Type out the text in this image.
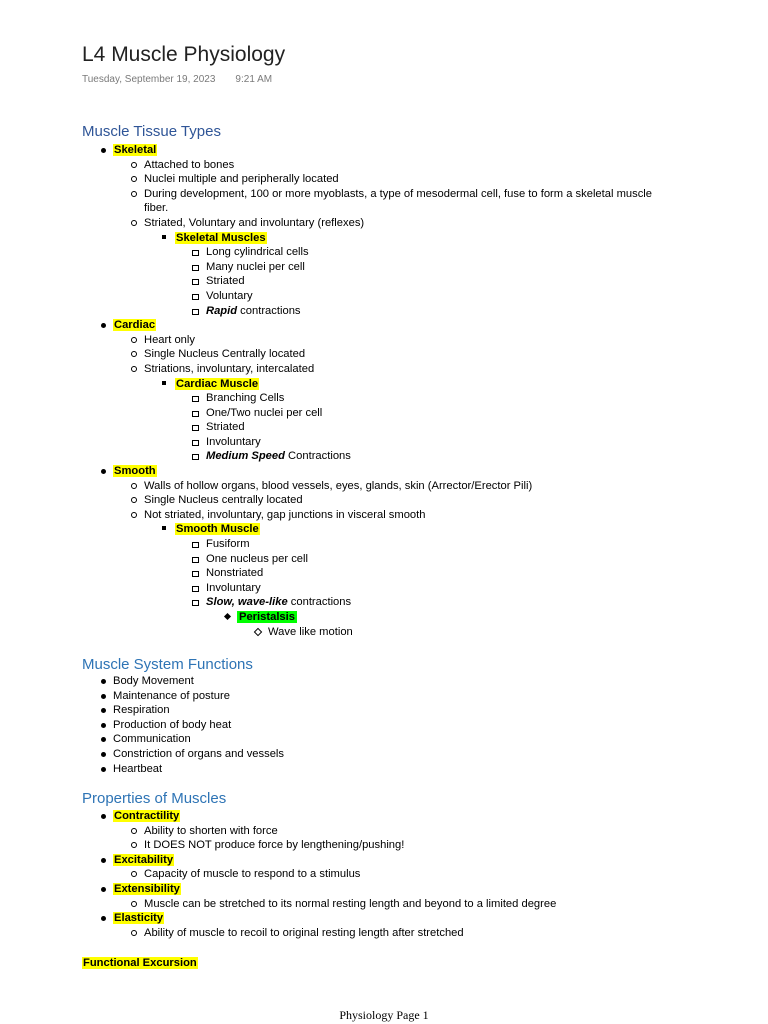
L4 Muscle Physiology
Tuesday, September 19, 2023 9:21 AM
Muscle Tissue Types
Skeletal
Attached to bones
Nuclei multiple and peripherally located
During development, 100 or more myoblasts, a type of mesodermal cell, fuse to form a skeletal muscle fiber.
Striated, Voluntary and involuntary (reflexes)
Skeletal Muscles
Long cylindrical cells
Many nuclei per cell
Striated
Voluntary
Rapid contractions
Cardiac
Heart only
Single Nucleus Centrally located
Striations, involuntary, intercalated
Cardiac Muscle
Branching Cells
One/Two nuclei per cell
Striated
Involuntary
Medium Speed Contractions
Smooth
Walls of hollow organs, blood vessels, eyes, glands, skin (Arrector/Erector Pili)
Single Nucleus centrally located
Not striated, involuntary, gap junctions in visceral smooth
Smooth Muscle
Fusiform
One nucleus per cell
Nonstriated
Involuntary
Slow, wave-like contractions
Peristalsis
Wave like motion
Muscle System Functions
Body Movement
Maintenance of posture
Respiration
Production of body heat
Communication
Constriction of organs and vessels
Heartbeat
Properties of Muscles
Contractility
Ability to shorten with force
It DOES NOT produce force by lengthening/pushing!
Excitability
Capacity of muscle to respond to a stimulus
Extensibility
Muscle can be stretched to its normal resting length and beyond to a limited degree
Elasticity
Ability of muscle to recoil to original resting length after stretched
Functional Excursion
Physiology Page 1
